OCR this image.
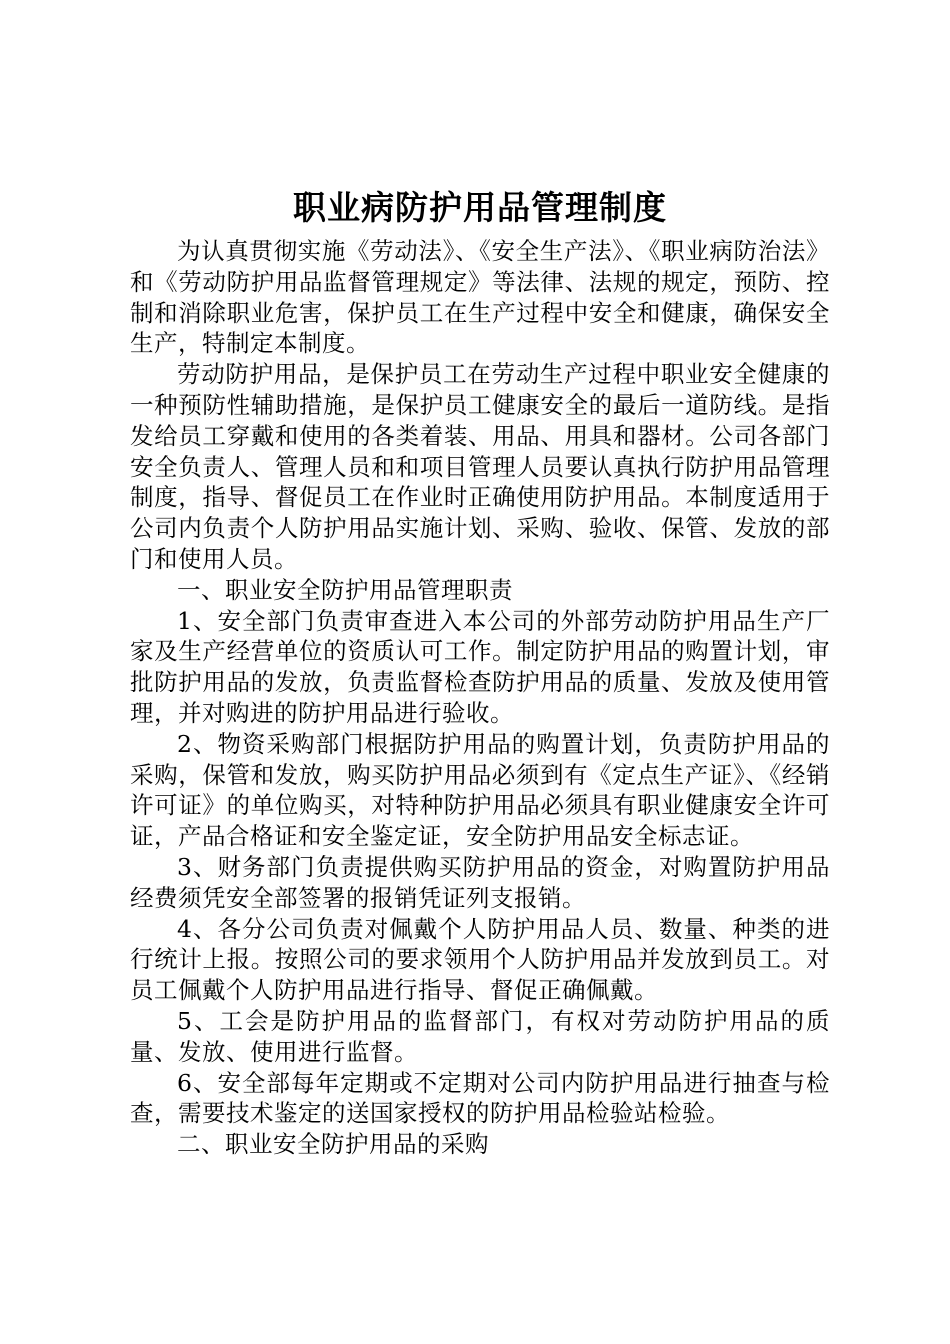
职业病防护用品管理制度

为认真贯彻实施《劳动法》、《安全生产法》、《职业病防治法》和《劳动防护用品监督管理规定》等法律、法规的规定，预防、控制和消除职业危害，保护员工在生产过程中安全和健康，确保安全生产，特制定本制度。

劳动防护用品，是保护员工在劳动生产过程中职业安全健康的一种预防性辅助措施，是保护员工健康安全的最后一道防线。是指发给员工穿戴和使用的各类着装、用品、用具和器材。公司各部门安全负责人、管理人员和和项目管理人员要认真执行防护用品管理制度，指导、督促员工在作业时正确使用防护用品。本制度适用于公司内负责个人防护用品实施计划、采购、验收、保管、发放的部门和使用人员。

一、职业安全防护用品管理职责

1、安全部门负责审查进入本公司的外部劳动防护用品生产厂家及生产经营单位的资质认可工作。制定防护用品的购置计划，审批防护用品的发放，负责监督检查防护用品的质量、发放及使用管理，并对购进的防护用品进行验收。

2、物资采购部门根据防护用品的购置计划，负责防护用品的采购，保管和发放，购买防护用品必须到有《定点生产证》、《经销许可证》的单位购买，对特种防护用品必须具有职业健康安全许可证，产品合格证和安全鉴定证，安全防护用品安全标志证。

3、财务部门负责提供购买防护用品的资金，对购置防护用品经费须凭安全部签署的报销凭证列支报销。

4、各分公司负责对佩戴个人防护用品人员、数量、种类的进行统计上报。按照公司的要求领用个人防护用品并发放到员工。对员工佩戴个人防护用品进行指导、督促正确佩戴。

5、工会是防护用品的监督部门，有权对劳动防护用品的质量、发放、使用进行监督。

6、安全部每年定期或不定期对公司内防护用品进行抽查与检查，需要技术鉴定的送国家授权的防护用品检验站检验。

二、职业安全防护用品的采购
